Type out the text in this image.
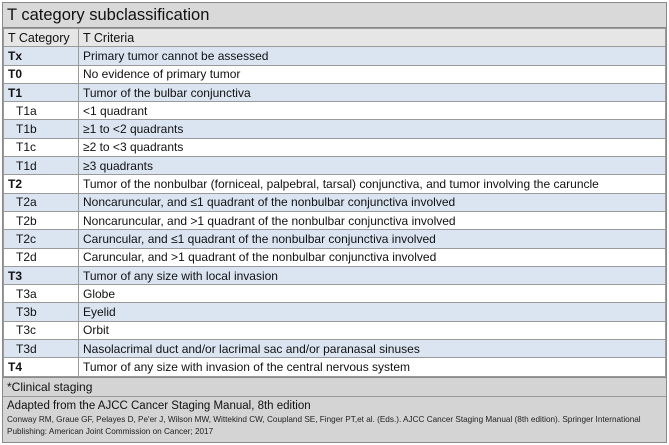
T category subclassification
T Category	T Criteria
Tx	Primary tumor cannot be assessed
T0	No evidence of primary tumor
T1	Tumor of the bulbar conjunctiva
T1a	<1 quadrant
T1b	≥1 to <2 quadrants
T1c	≥2 to <3 quadrants
T1d	≥3 quadrants
T2	Tumor of the nonbulbar (forniceal, palpebral, tarsal) conjunctiva, and tumor involving the caruncle
T2a	Noncaruncular, and ≤1 quadrant of the nonbulbar conjunctiva involved
T2b	Noncaruncular, and >1 quadrant of the nonbulbar conjunctiva involved
T2c	Caruncular, and ≤1 quadrant of the nonbulbar conjunctiva involved
T2d	Caruncular, and >1 quadrant of the nonbulbar conjunctiva involved
T3	Tumor of any size with local invasion
T3a	Globe
T3b	Eyelid
T3c	Orbit
T3d	Nasolacrimal duct and/or lacrimal sac and/or paranasal sinuses
T4	Tumor of any size with invasion of the central nervous system
*Clinical staging
Adapted from the AJCC Cancer Staging Manual, 8th edition
Conway RM, Graue GF, Pelayes D, Pe'er J, Wilson MW, Wittekind CW, Coupland SE, Finger PT,et al. (Eds.). AJCC Cancer Staging Manual (8th edition). Springer International Publishing: American Joint Commission on Cancer; 2017
